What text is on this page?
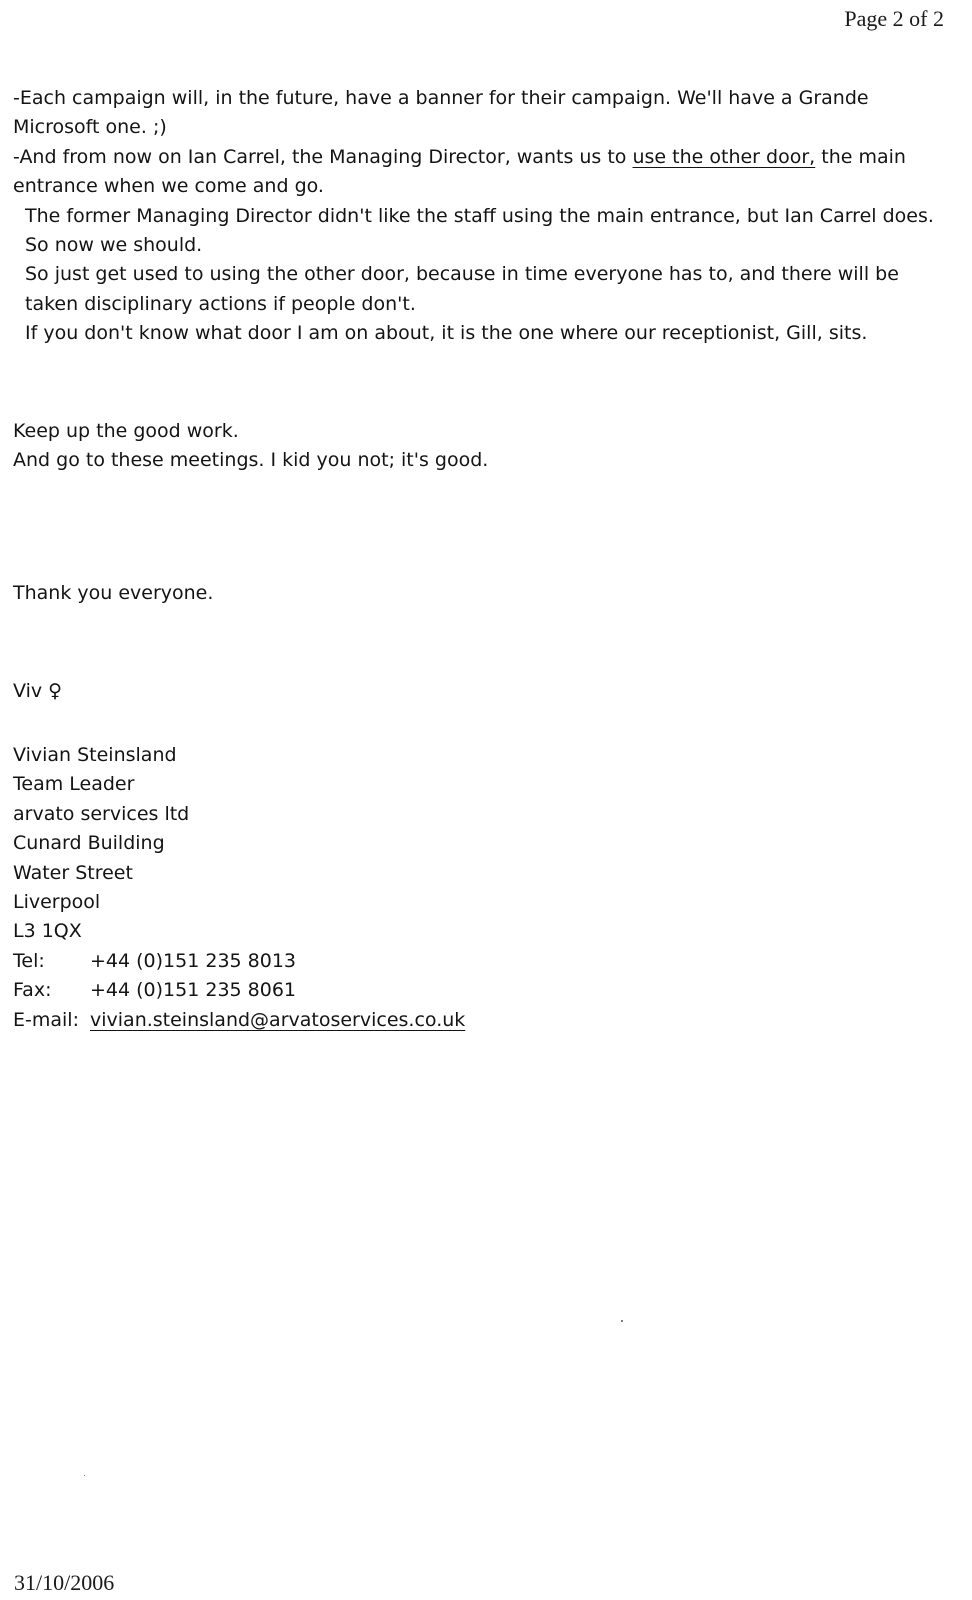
Page 2 of 2

-Each campaign will, in the future, have a banner for their campaign. We'll have a Grande Microsoft one. ;)

-And from now on Ian Carrel, the Managing Director, wants us to use the other door, the main entrance when we come and go.

The former Managing Director didn't like the staff using the main entrance, but Ian Carrel does. So now we should.

So just get used to using the other door, because in time everyone has to, and there will be taken disciplinary actions if people don't.

If you don't know what door I am on about, it is the one where our receptionist, Gill, sits.

Keep up the good work.

And go to these meetings. I kid you not; it's good.

Thank you everyone.

Viv ♀

Vivian Steinsland

Team Leader

arvato services ltd

Cunard Building

Water Street

Liverpool

L3 1QX

Tel: +44 (0)151 235 8013

Fax: +44 (0)151 235 8061

E-mail: vivian.steinsland@arvatoservices.co.uk

31/10/2006
